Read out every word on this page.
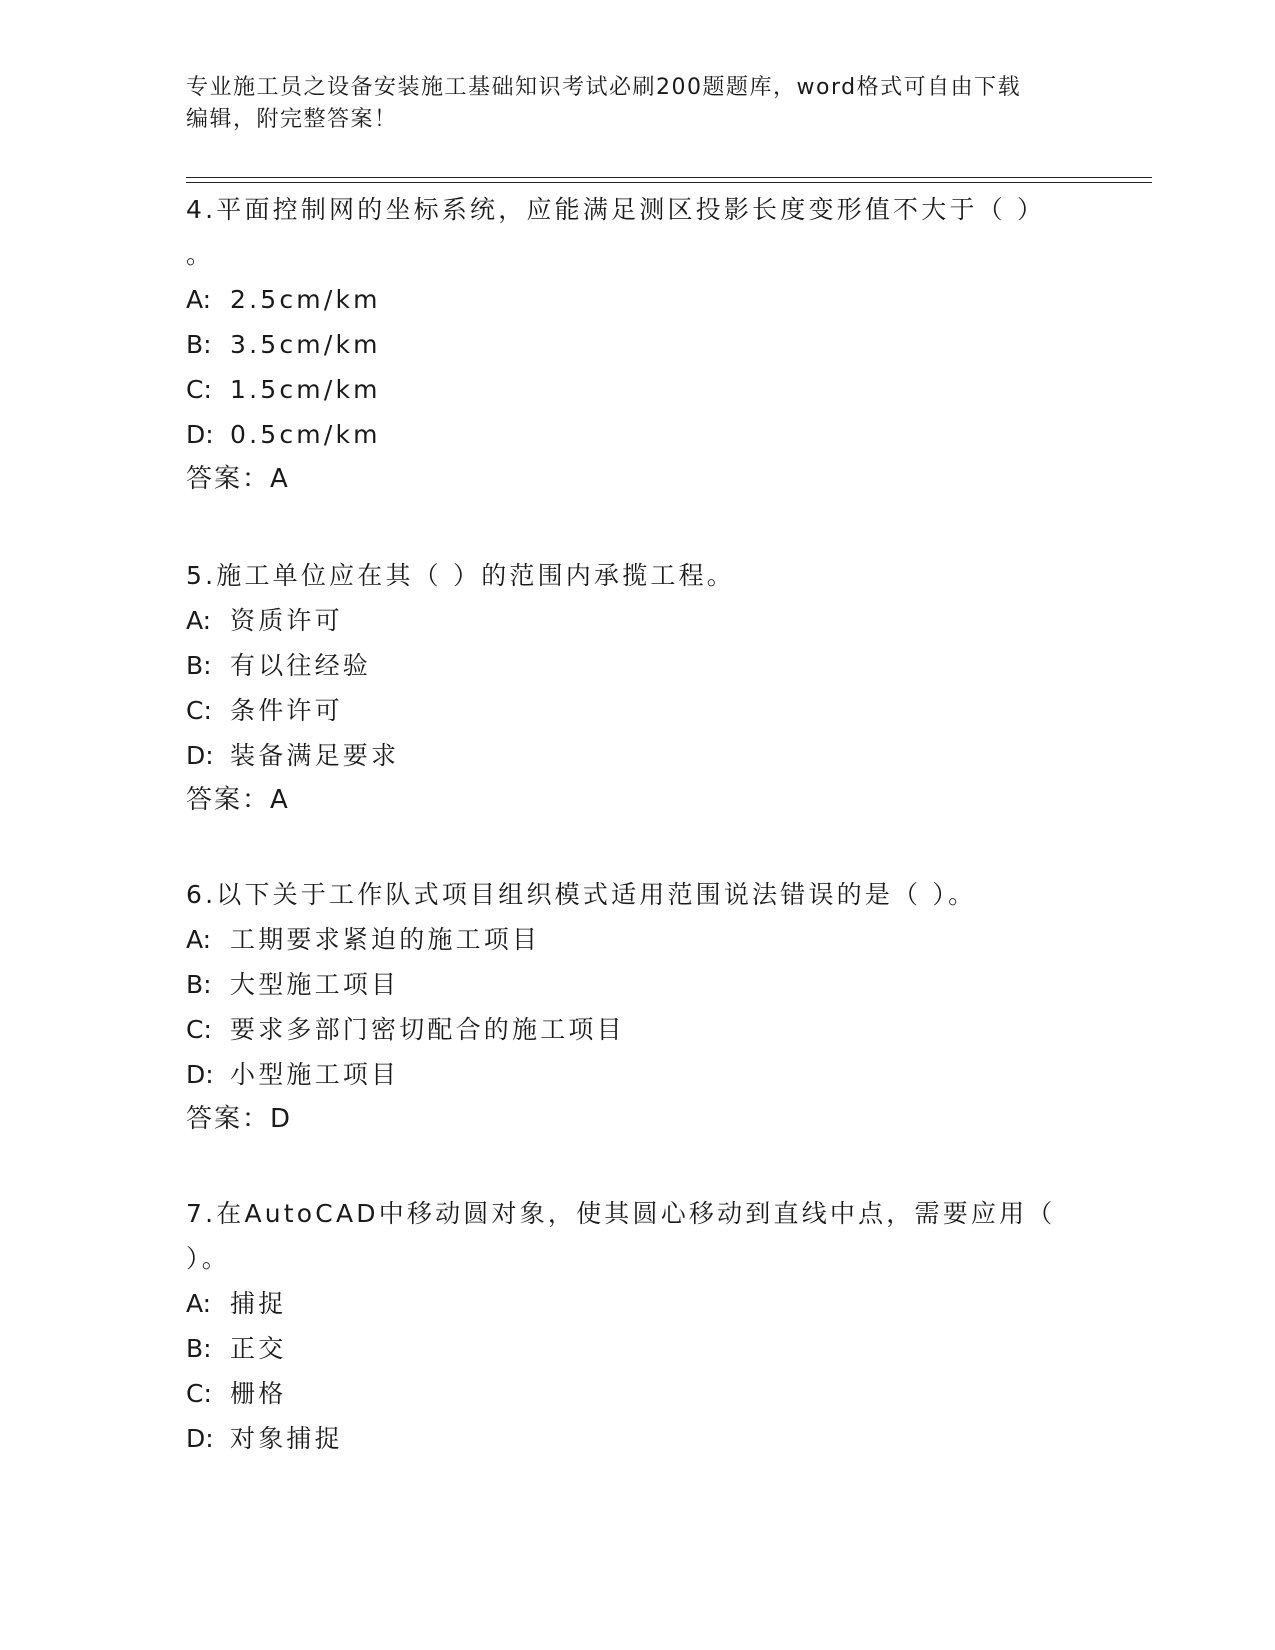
专业施工员之设备安装施工基础知识考试必刷200题题库，word格式可自由下载
编辑，附完整答案！
4.平面控制网的坐标系统，应能满足测区投影长度变形值不大于（ ）
。
A: 2.5cm/km
B: 3.5cm/km
C: 1.5cm/km
D: 0.5cm/km
答案：A
5.施工单位应在其（ ）的范围内承揽工程。
A: 资质许可
B: 有以往经验
C: 条件许可
D: 装备满足要求
答案：A
6.以下关于工作队式项目组织模式适用范围说法错误的是（ ）。
A: 工期要求紧迫的施工项目
B: 大型施工项目
C: 要求多部门密切配合的施工项目
D: 小型施工项目
答案：D
7.在AutoCAD中移动圆对象，使其圆心移动到直线中点，需要应用（
）。
A: 捕捉
B: 正交
C: 栅格
D: 对象捕捉
